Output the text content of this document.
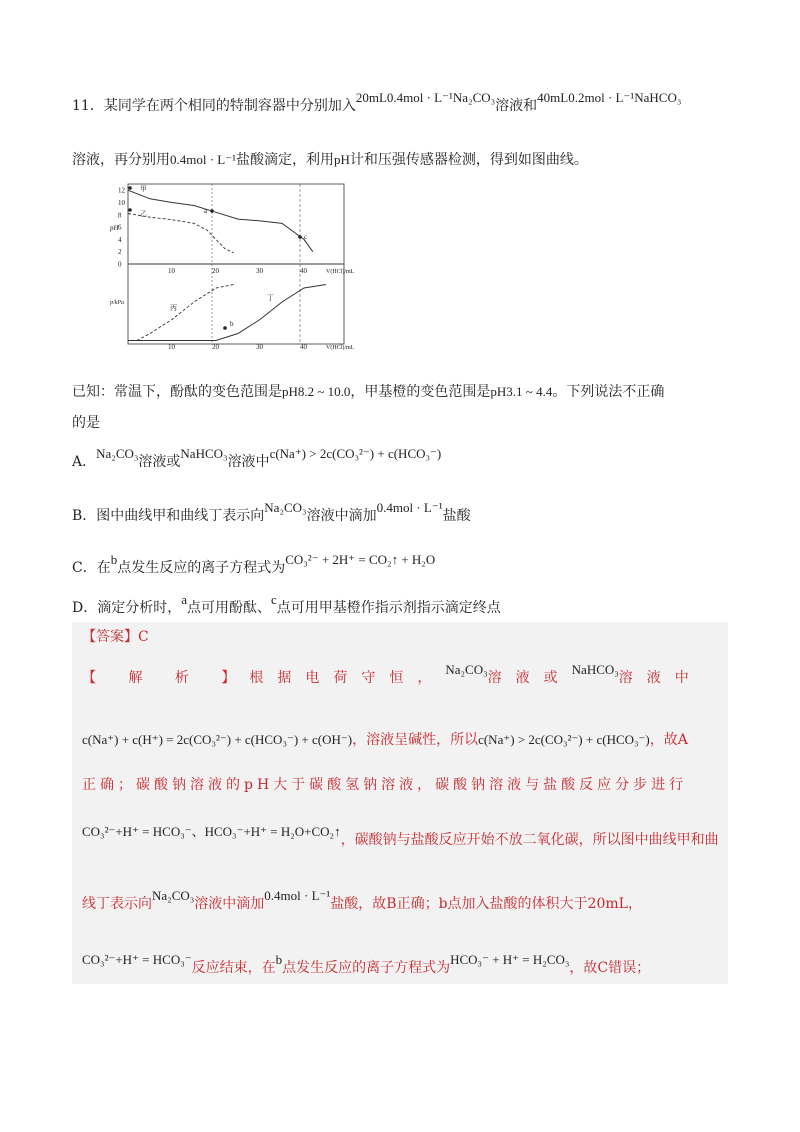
11．某同学在两个相同的特制容器中分别加入20mL0.4mol · L⁻¹Na₂CO₃溶液和40mL0.2mol · L⁻¹NaHCO₃
溶液，再分别用0.4mol · L⁻¹盐酸滴定，利用pH计和压强传感器检测，得到如图曲线。
12
10
8
6
4
2
0
10
10
20
20
30
30
40
40
甲
乙	a
c
b
丙
丁
pH
p/kPa
V(HCl)/mL
V(HCl)/mL
已知：常温下，酚酞的变色范围是pH8.2 ~ 10.0，甲基橙的变色范围是pH3.1 ~ 4.4。下列说法不正确
的是
A．Na₂CO₃溶液或NaHCO₃溶液中c(Na⁺) > 2c(CO₃²⁻) + c(HCO₃⁻)
B．图中曲线甲和曲线丁表示向Na₂CO₃溶液中滴加0.4mol · L⁻¹盐酸
C．在b点发生反应的离子方程式为CO₃²⁻ + 2H⁺ = CO₂↑ + H₂O
D．滴定分析时，a点可用酚酞、c点可用甲基橙作指示剂指示滴定终点
【答案】C
【 解 析 】根据电荷守恒，Na₂CO₃溶液或NaHCO₃溶液中
c(Na⁺) + c(H⁺) = 2c(CO₃²⁻) + c(HCO₃⁻) + c(OH⁻)，溶液呈碱性，所以c(Na⁺) > 2c(CO₃²⁻) + c(HCO₃⁻)，故A
正确；碳酸钠溶液的pH大于碳酸氢钠溶液，碳酸钠溶液与盐酸反应分步进行
CO₃²⁻+H⁺ = HCO₃⁻、HCO₃⁻+H⁺ = H₂O+CO₂↑，碳酸钠与盐酸反应开始不放二氧化碳，所以图中曲线甲和曲
线丁表示向Na₂CO₃溶液中滴加0.4mol · L⁻¹盐酸，故B正确；b点加入盐酸的体积大于20mL，
CO₃²⁻+H⁺ = HCO₃⁻反应结束，在b点发生反应的离子方程式为HCO₃⁻ + H⁺ = H₂CO₃，故C错误；
